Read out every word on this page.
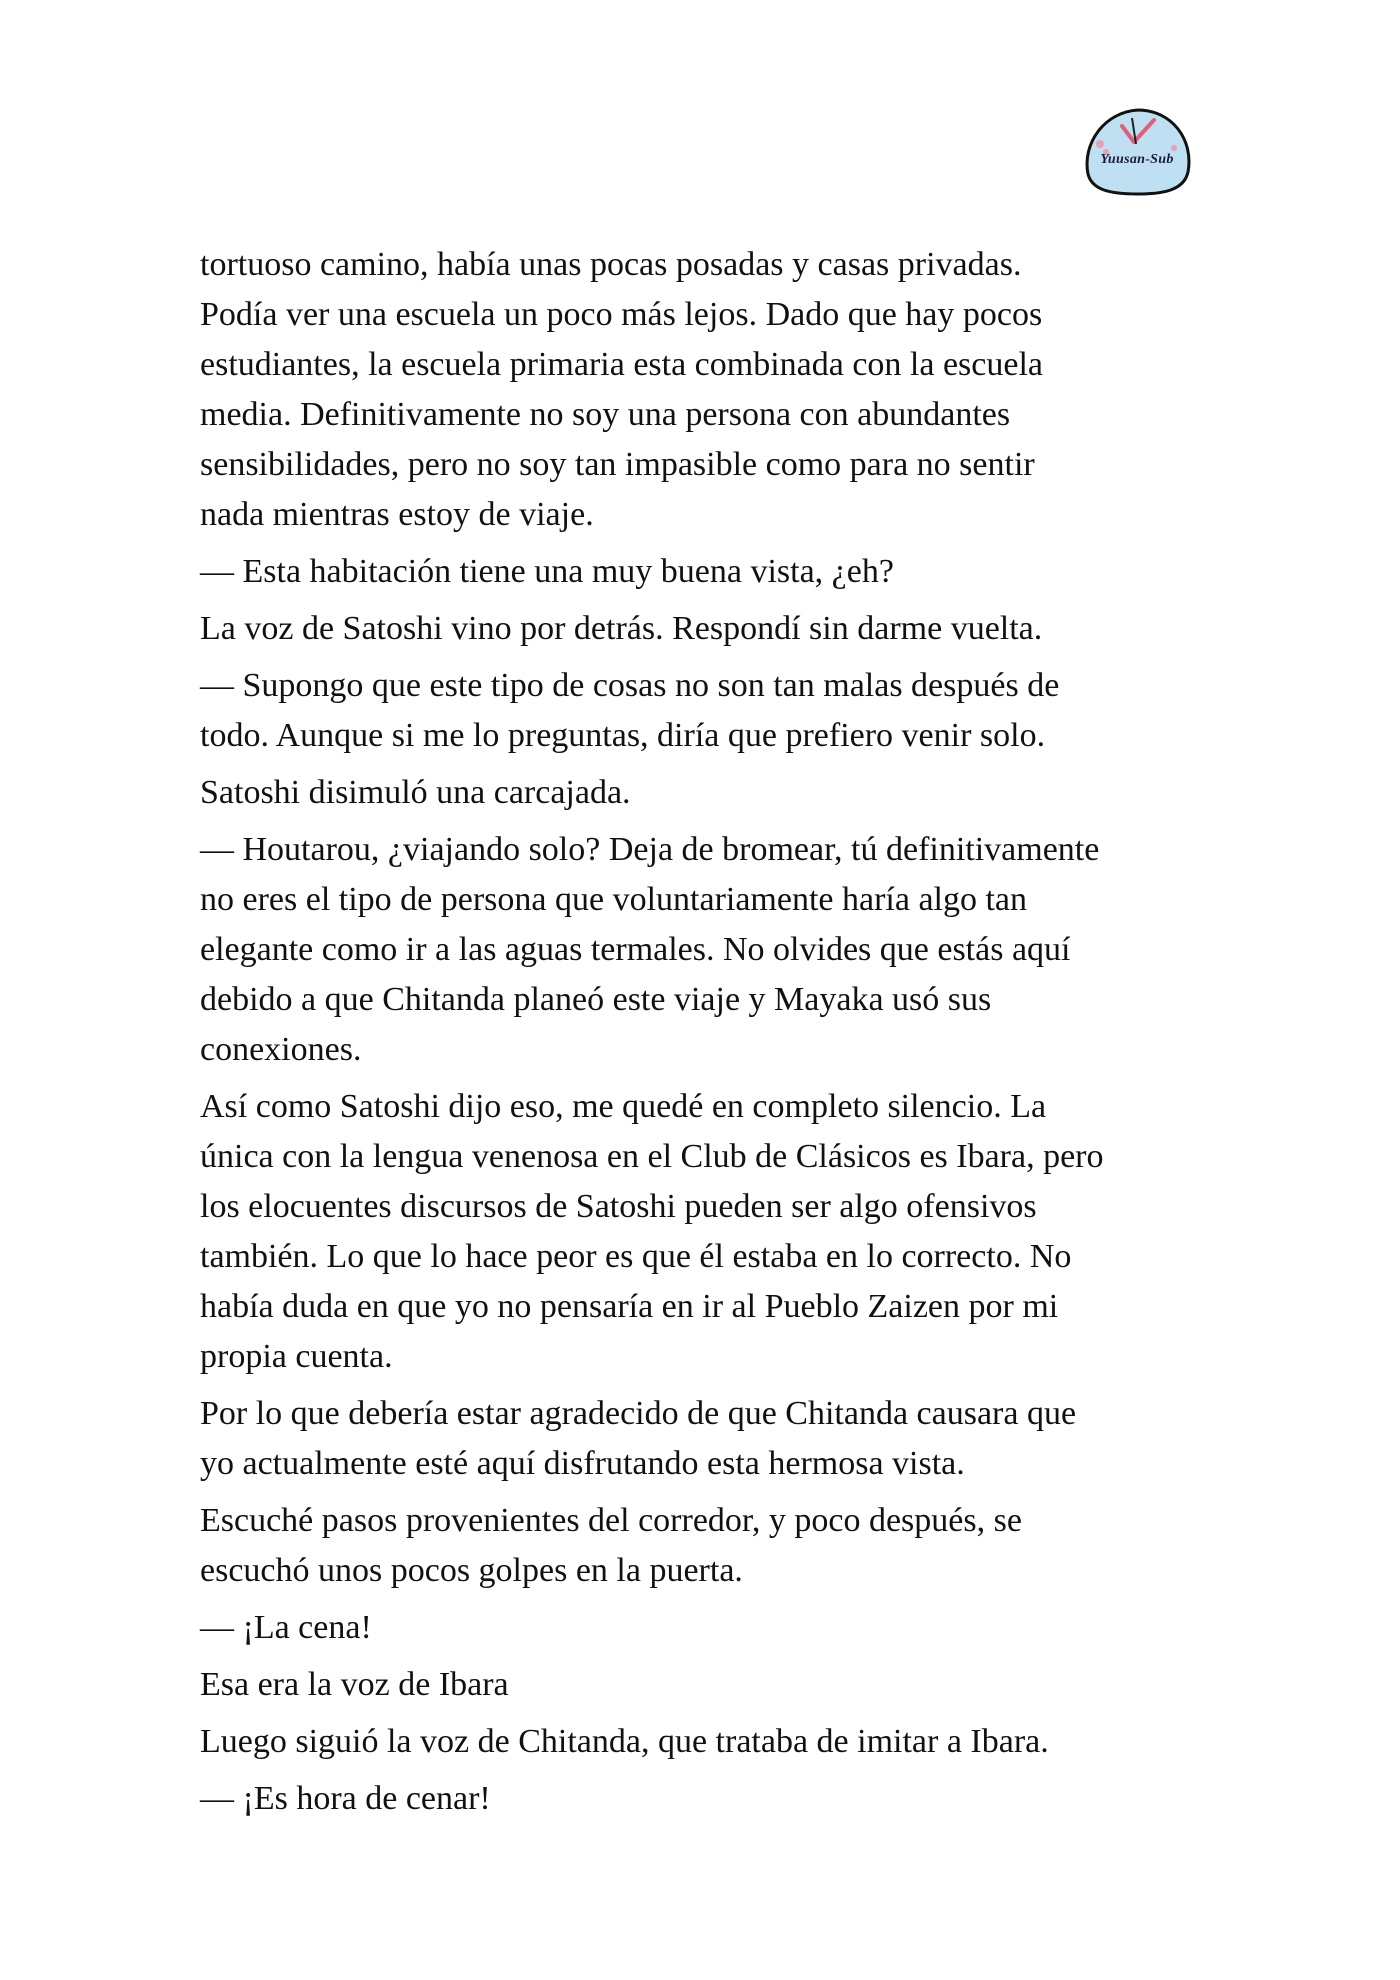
Yuusan-Sub

tortuoso camino, había unas pocas posadas y casas privadas.
Podía ver una escuela un poco más lejos. Dado que hay pocos
estudiantes, la escuela primaria esta combinada con la escuela
media. Definitivamente no soy una persona con abundantes
sensibilidades, pero no soy tan impasible como para no sentir
nada mientras estoy de viaje.

— Esta habitación tiene una muy buena vista, ¿eh?

La voz de Satoshi vino por detrás. Respondí sin darme vuelta.

— Supongo que este tipo de cosas no son tan malas después de
todo. Aunque si me lo preguntas, diría que prefiero venir solo.

Satoshi disimuló una carcajada.

— Houtarou, ¿viajando solo? Deja de bromear, tú definitivamente
no eres el tipo de persona que voluntariamente haría algo tan
elegante como ir a las aguas termales. No olvides que estás aquí
debido a que Chitanda planeó este viaje y Mayaka usó sus
conexiones.

Así como Satoshi dijo eso, me quedé en completo silencio. La
única con la lengua venenosa en el Club de Clásicos es Ibara, pero
los elocuentes discursos de Satoshi pueden ser algo ofensivos
también. Lo que lo hace peor es que él estaba en lo correcto. No
había duda en que yo no pensaría en ir al Pueblo Zaizen por mi
propia cuenta.

Por lo que debería estar agradecido de que Chitanda causara que
yo actualmente esté aquí disfrutando esta hermosa vista.

Escuché pasos provenientes del corredor, y poco después, se
escuchó unos pocos golpes en la puerta.

— ¡La cena!

Esa era la voz de Ibara

Luego siguió la voz de Chitanda, que trataba de imitar a Ibara.

— ¡Es hora de cenar!
